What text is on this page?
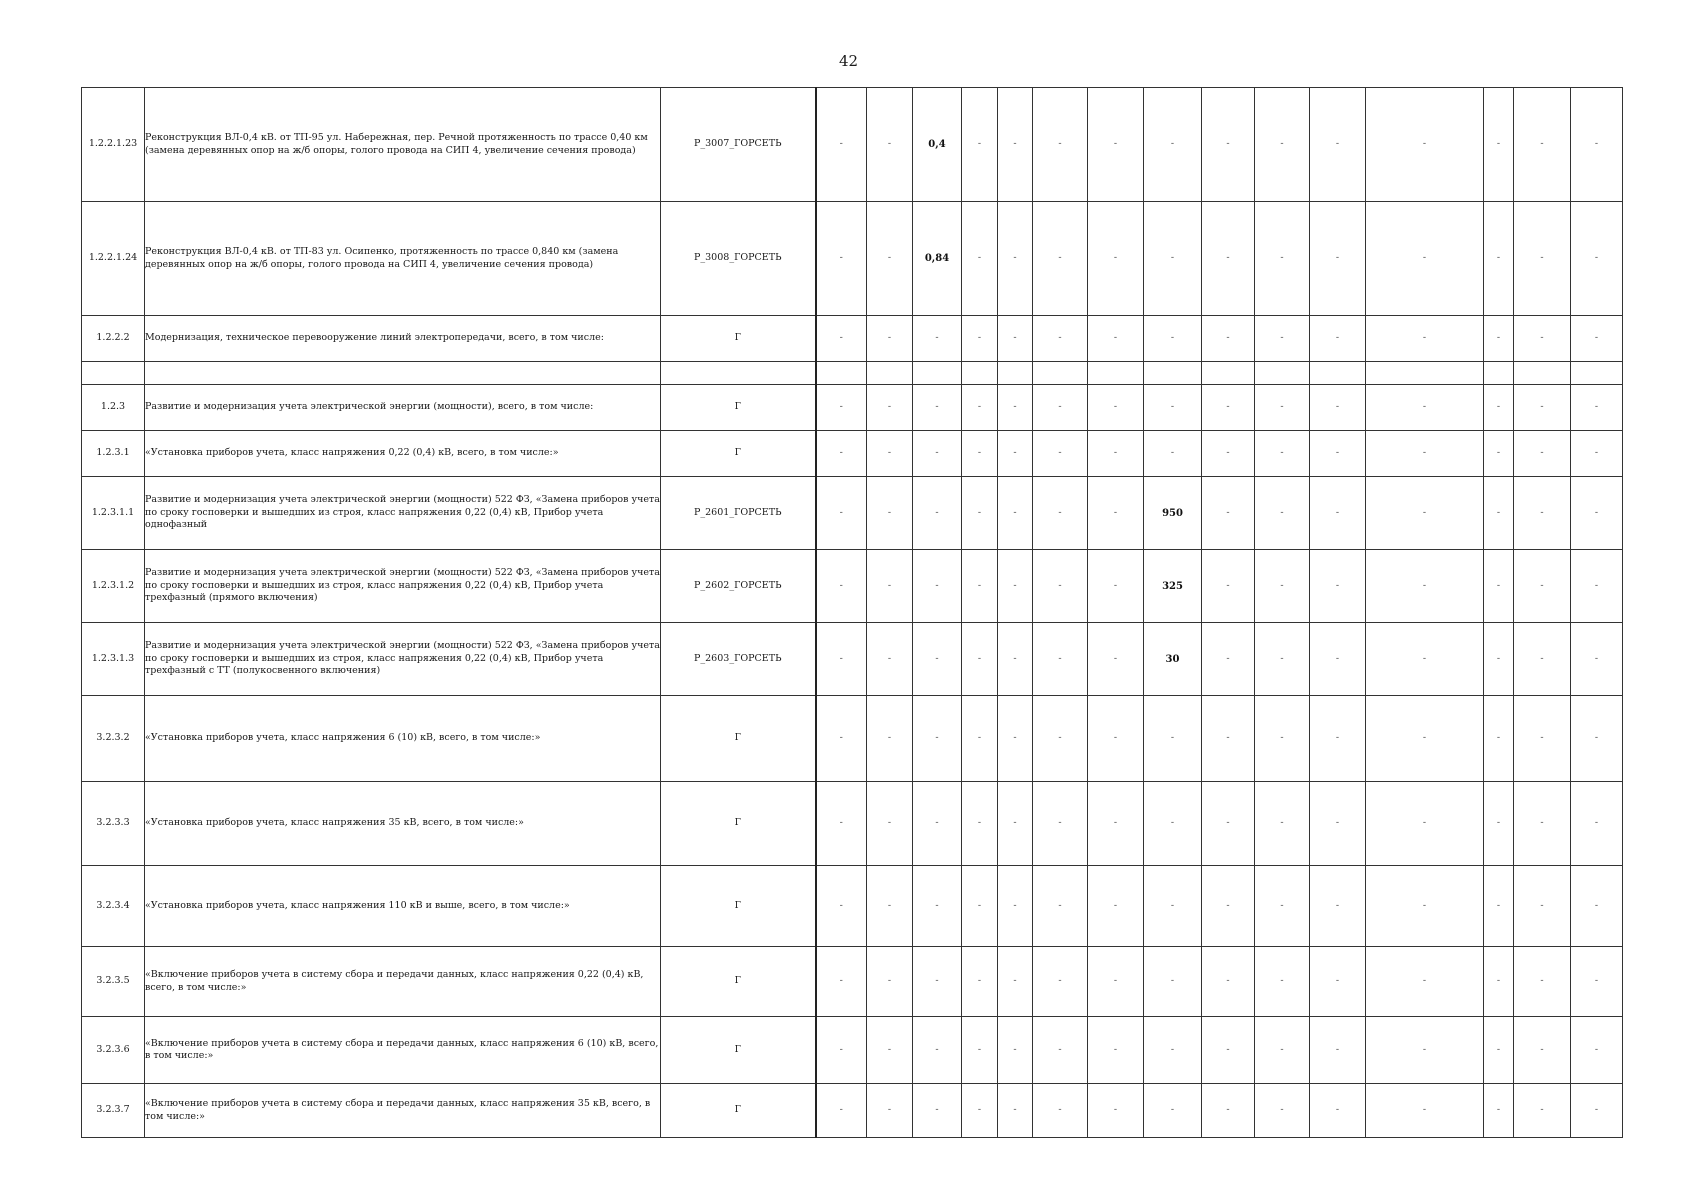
42
1.2.2.1.23	Реконструкция ВЛ-0,4 кВ. от ТП-95 ул. Набережная, пер. Речной протяженность по трассе 0,40 км (замена деревянных опор на ж/б опоры, голого провода на СИП 4, увеличение сечения провода)	P_3007_ГОРСЕТЬ	-	-	0,4	-	-	-	-	-	-	-	-	-	-	-	-
1.2.2.1.24	Реконструкция ВЛ-0,4 кВ. от ТП-83 ул. Осипенко, протяженность по трассе 0,840 км (замена деревянных опор на ж/б опоры, голого провода на СИП 4, увеличение сечения провода)	P_3008_ГОРСЕТЬ	-	-	0,84	-	-	-	-	-	-	-	-	-	-	-	-
1.2.2.2	Модернизация, техническое перевооружение линий электропередачи, всего, в том числе:	Г	-	-	-	-	-	-	-	-	-	-	-	-	-	-	-

1.2.3	Развитие и модернизация учета электрической энергии (мощности), всего, в том числе:	Г	-	-	-	-	-	-	-	-	-	-	-	-	-	-	-
1.2.3.1	«Установка приборов учета, класс напряжения 0,22 (0,4) кВ, всего, в том числе:»	Г	-	-	-	-	-	-	-	-	-	-	-	-	-	-	-
1.2.3.1.1	Развитие и модернизация учета электрической энергии (мощности) 522 ФЗ, «Замена приборов учета по сроку госповерки и вышедших из строя, класс напряжения 0,22 (0,4) кВ, Прибор учета однофазный	P_2601_ГОРСЕТЬ	-	-	-	-	-	-	-	950	-	-	-	-	-	-	-
1.2.3.1.2	Развитие и модернизация учета электрической энергии (мощности) 522 ФЗ, «Замена приборов учета по сроку госповерки и вышедших из строя, класс напряжения 0,22 (0,4) кВ, Прибор учета трехфазный (прямого включения)	P_2602_ГОРСЕТЬ	-	-	-	-	-	-	-	325	-	-	-	-	-	-	-
1.2.3.1.3	Развитие и модернизация учета электрической энергии (мощности) 522 ФЗ, «Замена приборов учета по сроку госповерки и вышедших из строя, класс напряжения 0,22 (0,4) кВ, Прибор учета трехфазный с ТТ (полукосвенного включения)	P_2603_ГОРСЕТЬ	-	-	-	-	-	-	-	30	-	-	-	-	-	-	-
3.2.3.2	«Установка приборов учета, класс напряжения 6 (10) кВ, всего, в том числе:»	Г	-	-	-	-	-	-	-	-	-	-	-	-	-	-	-
3.2.3.3	«Установка приборов учета, класс напряжения 35 кВ, всего, в том числе:»	Г	-	-	-	-	-	-	-	-	-	-	-	-	-	-	-
3.2.3.4	«Установка приборов учета, класс напряжения 110 кВ и выше, всего, в том числе:»	Г	-	-	-	-	-	-	-	-	-	-	-	-	-	-	-
3.2.3.5	«Включение приборов учета в систему сбора и передачи данных, класс напряжения 0,22 (0,4) кВ, всего, в том числе:»	Г	-	-	-	-	-	-	-	-	-	-	-	-	-	-	-
3.2.3.6	«Включение приборов учета в систему сбора и передачи данных, класс напряжения 6 (10) кВ, всего, в том числе:»	Г	-	-	-	-	-	-	-	-	-	-	-	-	-	-	-
3.2.3.7	«Включение приборов учета в систему сбора и передачи данных, класс напряжения 35 кВ, всего, в том числе:»	Г	-	-	-	-	-	-	-	-	-	-	-	-	-	-	-
